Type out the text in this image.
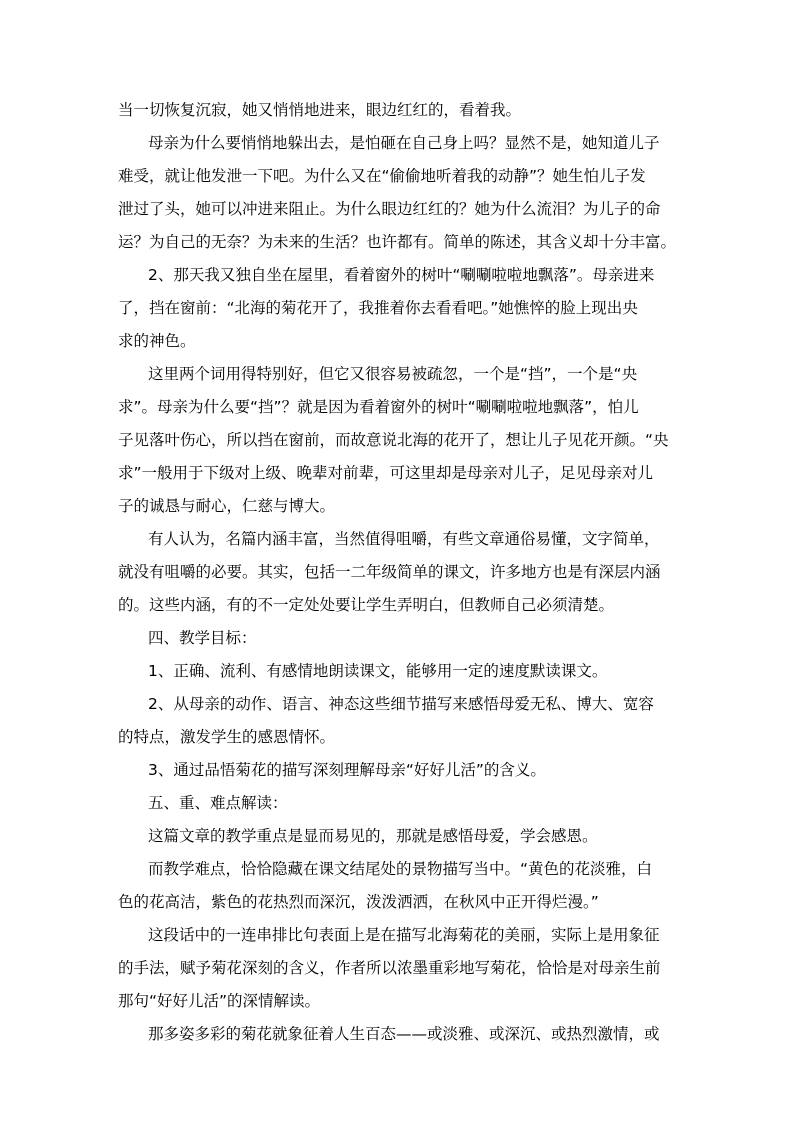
当一切恢复沉寂，她又悄悄地进来，眼边红红的，看着我。
母亲为什么要悄悄地躲出去，是怕砸在自己身上吗？显然不是，她知道儿子
难受，就让他发泄一下吧。为什么又在“偷偷地听着我的动静”？她生怕儿子发
泄过了头，她可以冲进来阻止。为什么眼边红红的？她为什么流泪？为儿子的命
运？为自己的无奈？为未来的生活？也许都有。简单的陈述，其含义却十分丰富。
2、那天我又独自坐在屋里，看着窗外的树叶“唰唰啦啦地飘落”。母亲进来
了，挡在窗前：“北海的菊花开了，我推着你去看看吧。”她憔悴的脸上现出央
求的神色。
这里两个词用得特别好，但它又很容易被疏忽，一个是“挡”，一个是“央
求”。母亲为什么要“挡”？就是因为看着窗外的树叶“唰唰啦啦地飘落”，怕儿
子见落叶伤心，所以挡在窗前，而故意说北海的花开了，想让儿子见花开颜。“央
求”一般用于下级对上级、晚辈对前辈，可这里却是母亲对儿子，足见母亲对儿
子的诚恳与耐心，仁慈与博大。
有人认为，名篇内涵丰富，当然值得咀嚼，有些文章通俗易懂，文字简单，
就没有咀嚼的必要。其实，包括一二年级简单的课文，许多地方也是有深层内涵
的。这些内涵，有的不一定处处要让学生弄明白，但教师自己必须清楚。
四、教学目标：
1、正确、流利、有感情地朗读课文，能够用一定的速度默读课文。
2、从母亲的动作、语言、神态这些细节描写来感悟母爱无私、博大、宽容
的特点，激发学生的感恩情怀。
3、通过品悟菊花的描写深刻理解母亲“好好儿活”的含义。
五、重、难点解读：
这篇文章的教学重点是显而易见的，那就是感悟母爱，学会感恩。
而教学难点，恰恰隐藏在课文结尾处的景物描写当中。“黄色的花淡雅，白
色的花高洁，紫色的花热烈而深沉，泼泼洒洒，在秋风中正开得烂漫。”
这段话中的一连串排比句表面上是在描写北海菊花的美丽，实际上是用象征
的手法，赋予菊花深刻的含义，作者所以浓墨重彩地写菊花，恰恰是对母亲生前
那句“好好儿活”的深情解读。
那多姿多彩的菊花就象征着人生百态——或淡雅、或深沉、或热烈激情，或
